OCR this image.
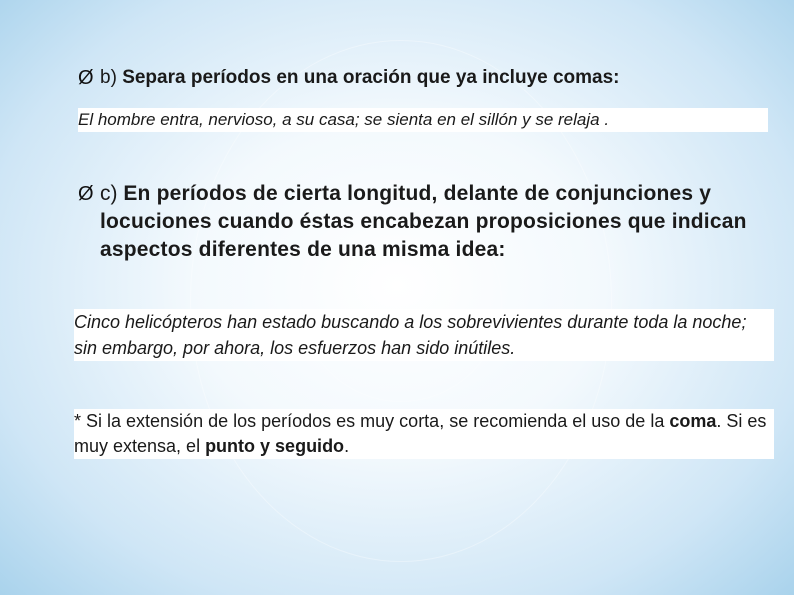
Ø b) Separa períodos en una oración que ya incluye comas:
El hombre entra, nervioso, a su casa; se sienta en el sillón y se relaja .
Ø c) En períodos de cierta longitud, delante de conjunciones y locuciones cuando éstas encabezan proposiciones que indican aspectos diferentes de una misma idea:
Cinco helicópteros han estado buscando a los sobrevivientes durante toda la noche; sin embargo, por ahora, los esfuerzos han sido inútiles.
* Si la extensión de los períodos es muy corta, se recomienda el uso de la coma. Si es muy extensa, el punto y seguido.
